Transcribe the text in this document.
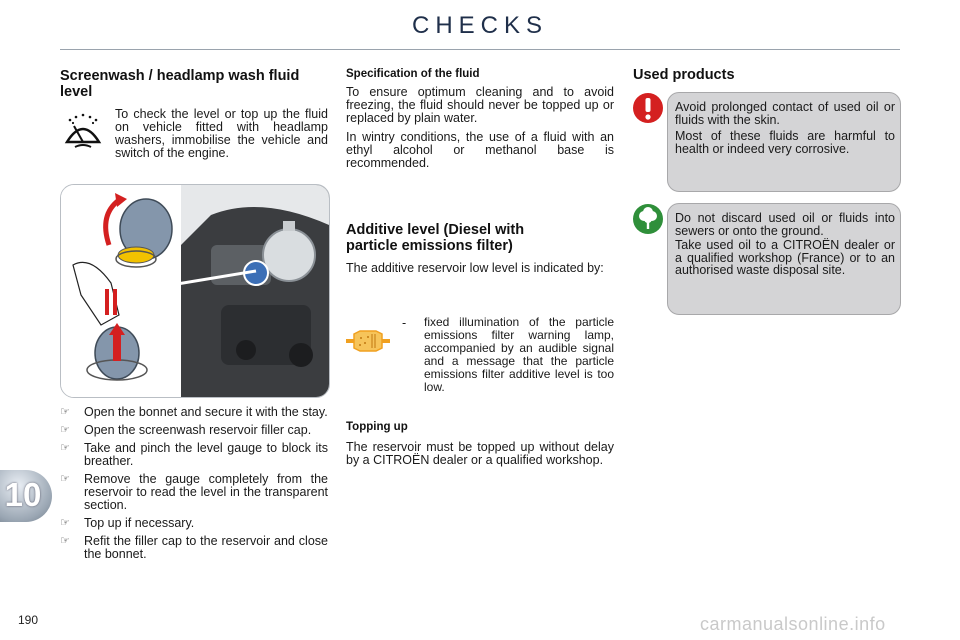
CHECKS
Screenwash / headlamp wash fluid level

To check the level or top up the fluid on vehicle fitted with headlamp washers, immobilise the vehicle and switch of the engine.

☞ Open the bonnet and secure it with the stay.
☞ Open the screenwash reservoir filler cap.
☞ Take and pinch the level gauge to block its breather.
☞ Remove the gauge completely from the reservoir to read the level in the transparent section.
☞ Top up if necessary.
☞ Refit the filler cap to the reservoir and close the bonnet.
Specification of the fluid

To ensure optimum cleaning and to avoid freezing, the fluid should never be topped up or replaced by plain water.

In wintry conditions, the use of a fluid with an ethyl alcohol or methanol base is recommended.

Additive level (Diesel with particle emissions filter)

The additive reservoir low level is indicated by:

- fixed illumination of the particle emissions filter warning lamp, accompanied by an audible signal and a message that the particle emissions filter additive level is too low.

Topping up

The reservoir must be topped up without delay by a CITROËN dealer or a qualified workshop.

Used products

Avoid prolonged contact of used oil or fluids with the skin.

Most of these fluids are harmful to health or indeed very corrosive.

Do not discard used oil or fluids into sewers or onto the ground.

Take used oil to a CITROËN dealer or a qualified workshop (France) or to an authorised waste disposal site.

10
190	carmanualsonline.info
